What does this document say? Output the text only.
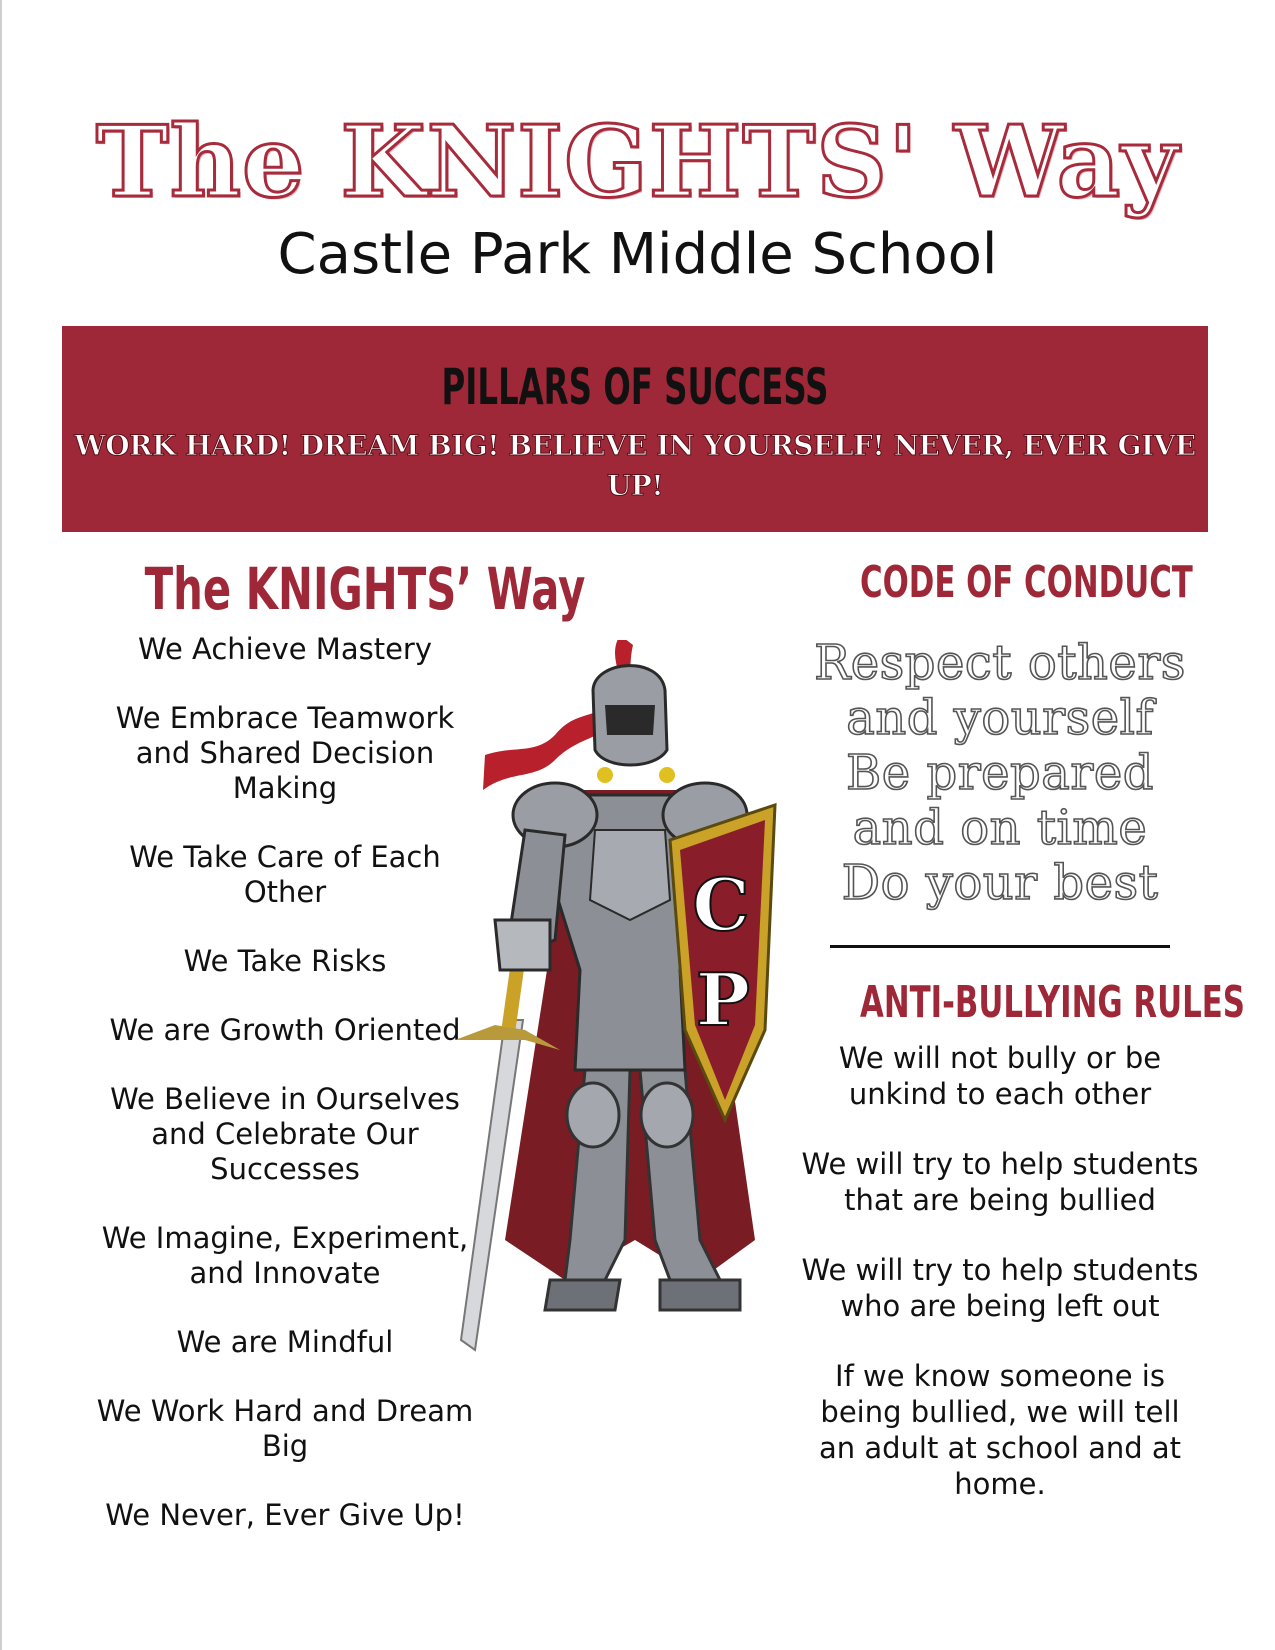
The KNIGHTS' Way
Castle Park Middle School
PILLARS OF SUCCESS
WORK HARD! DREAM BIG! BELIEVE IN YOURSELF! NEVER, EVER GIVE UP!
The KNIGHTS’ Way
We Achieve Mastery
We Embrace Teamwork and Shared Decision Making
We Take Care of Each Other
We Take Risks
We are Growth Oriented
We Believe in Ourselves and Celebrate Our Successes
We Imagine, Experiment, and Innovate
We are Mindful
We Work Hard and Dream Big
We Never, Ever Give Up!
C
P
CODE OF CONDUCT
Respect others
and yourself
Be prepared
and on time
Do your best
ANTI-BULLYING RULES
We will not bully or be unkind to each other
We will try to help students that are being bullied
We will try to help students who are being left out
If we know someone is being bullied, we will tell an adult at school and at home.
